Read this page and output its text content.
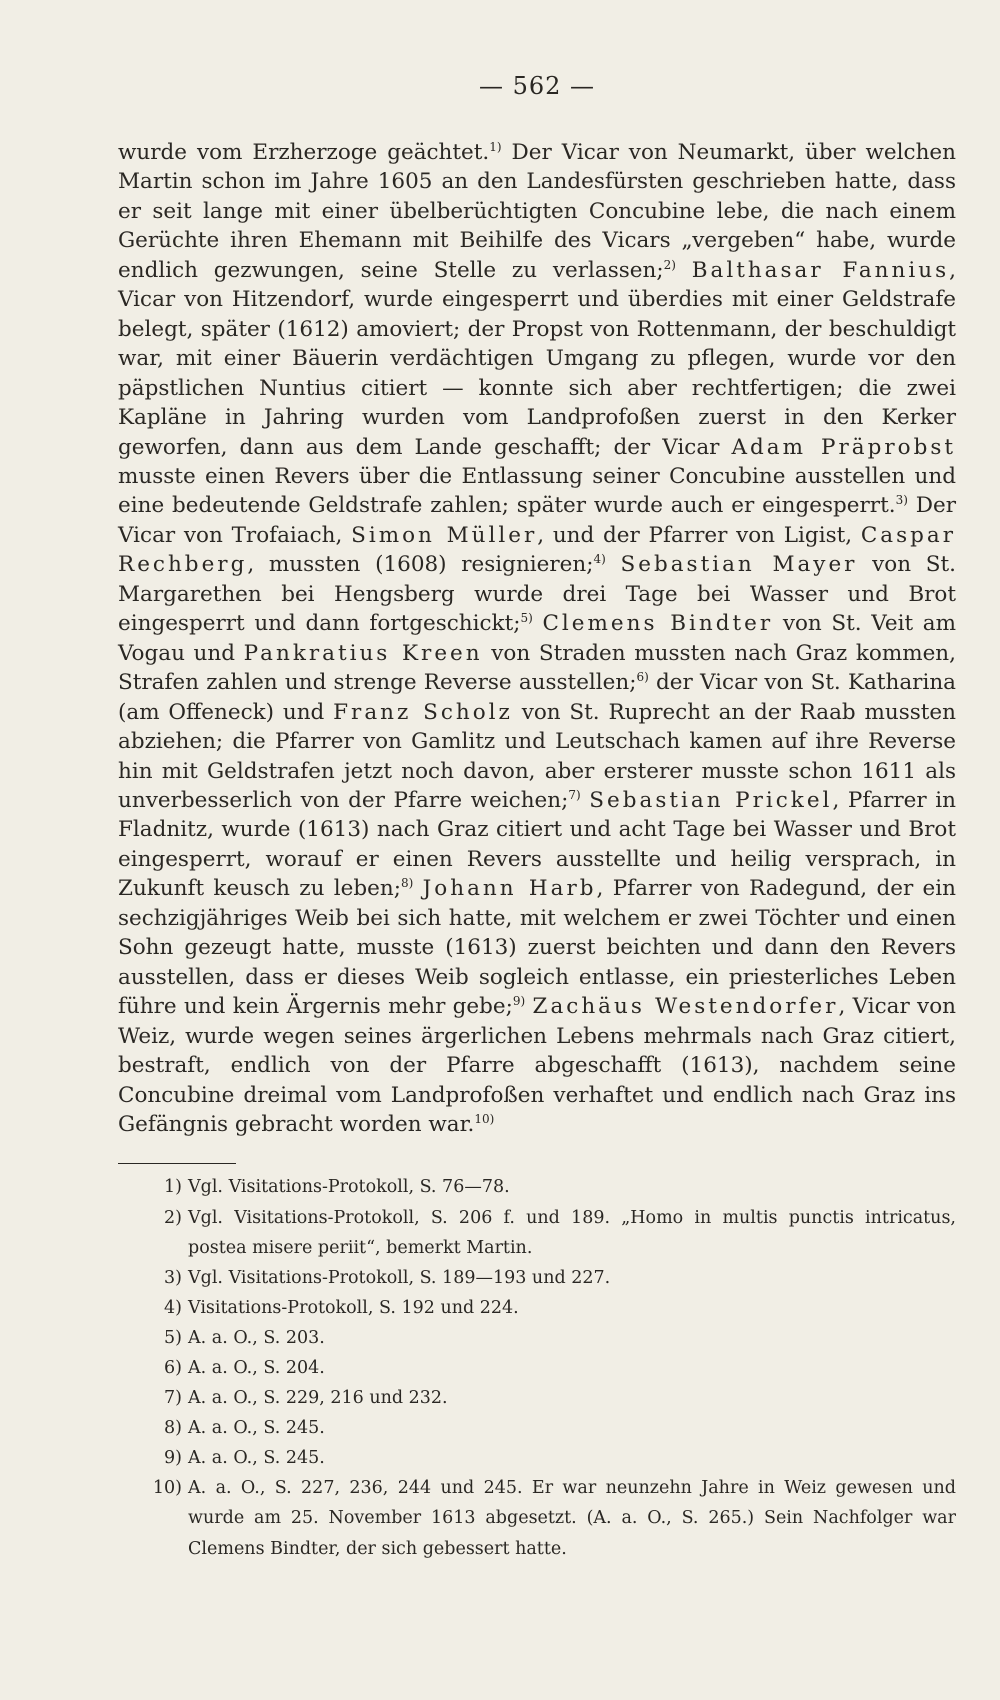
— 562 —

wurde vom Erzherzoge geächtet.$^{1)}$ Der Vicar von Neumarkt, über welchen Martin schon im Jahre 1605 an den Landesfürsten geschrieben hatte, dass er seit lange mit einer übelberüchtigten Concubine lebe, die nach einem Gerüchte ihren Ehemann mit Beihilfe des Vicars „vergeben“ habe, wurde endlich gezwungen, seine Stelle zu verlassen;$^{2)}$ Balthasar Fannius, Vicar von Hitzendorf, wurde eingesperrt und überdies mit einer Geldstrafe belegt, später (1612) amoviert; der Propst von Rottenmann, der beschuldigt war, mit einer Bäuerin verdächtigen Umgang zu pflegen, wurde vor den päpstlichen Nuntius citiert — konnte sich aber rechtfertigen; die zwei Kapläne in Jahring wurden vom Landprofoßen zuerst in den Kerker geworfen, dann aus dem Lande geschafft; der Vicar Adam Präprobst musste einen Revers über die Entlassung seiner Concubine ausstellen und eine bedeutende Geldstrafe zahlen; später wurde auch er eingesperrt.$^{3)}$ Der Vicar von Trofaiach, Simon Müller, und der Pfarrer von Ligist, Caspar Rechberg, mussten (1608) resignieren;$^{4)}$ Sebastian Mayer von St. Margarethen bei Hengsberg wurde drei Tage bei Wasser und Brot eingesperrt und dann fortgeschickt;$^{5)}$ Clemens Bindter von St. Veit am Vogau und Pankratius Kreen von Straden mussten nach Graz kommen, Strafen zahlen und strenge Reverse ausstellen;$^{6)}$ der Vicar von St. Katharina (am Offeneck) und Franz Scholz von St. Ruprecht an der Raab mussten abziehen; die Pfarrer von Gamlitz und Leutschach kamen auf ihre Reverse hin mit Geldstrafen jetzt noch davon, aber ersterer musste schon 1611 als unverbesserlich von der Pfarre weichen;$^{7)}$ Sebastian Prickel, Pfarrer in Fladnitz, wurde (1613) nach Graz citiert und acht Tage bei Wasser und Brot eingesperrt, worauf er einen Revers ausstellte und heilig versprach, in Zukunft keusch zu leben;$^{8)}$ Johann Harb, Pfarrer von Radegund, der ein sechzigjähriges Weib bei sich hatte, mit welchem er zwei Töchter und einen Sohn gezeugt hatte, musste (1613) zuerst beichten und dann den Revers ausstellen, dass er dieses Weib sogleich entlasse, ein priesterliches Leben führe und kein Ärgernis mehr gebe;$^{9)}$ Zachäus Westendorfer, Vicar von Weiz, wurde wegen seines ärgerlichen Lebens mehrmals nach Graz citiert, bestraft, endlich von der Pfarre abgeschafft (1613), nachdem seine Concubine dreimal vom Landprofoßen verhaftet und endlich nach Graz ins Gefängnis gebracht worden war.$^{10)}$

1) Vgl. Visitations-Protokoll, S. 76—78.

2) Vgl. Visitations-Protokoll, S. 206 f. und 189. „Homo in multis punctis intricatus, postea misere periit“, bemerkt Martin.

3) Vgl. Visitations-Protokoll, S. 189—193 und 227.

4) Visitations-Protokoll, S. 192 und 224.

5) A. a. O., S. 203.

6) A. a. O., S. 204.

7) A. a. O., S. 229, 216 und 232.

8) A. a. O., S. 245.

9) A. a. O., S. 245.

10) A. a. O., S. 227, 236, 244 und 245. Er war neunzehn Jahre in Weiz gewesen und wurde am 25. November 1613 abgesetzt. (A. a. O., S. 265.) Sein Nachfolger war Clemens Bindter, der sich gebessert hatte.
